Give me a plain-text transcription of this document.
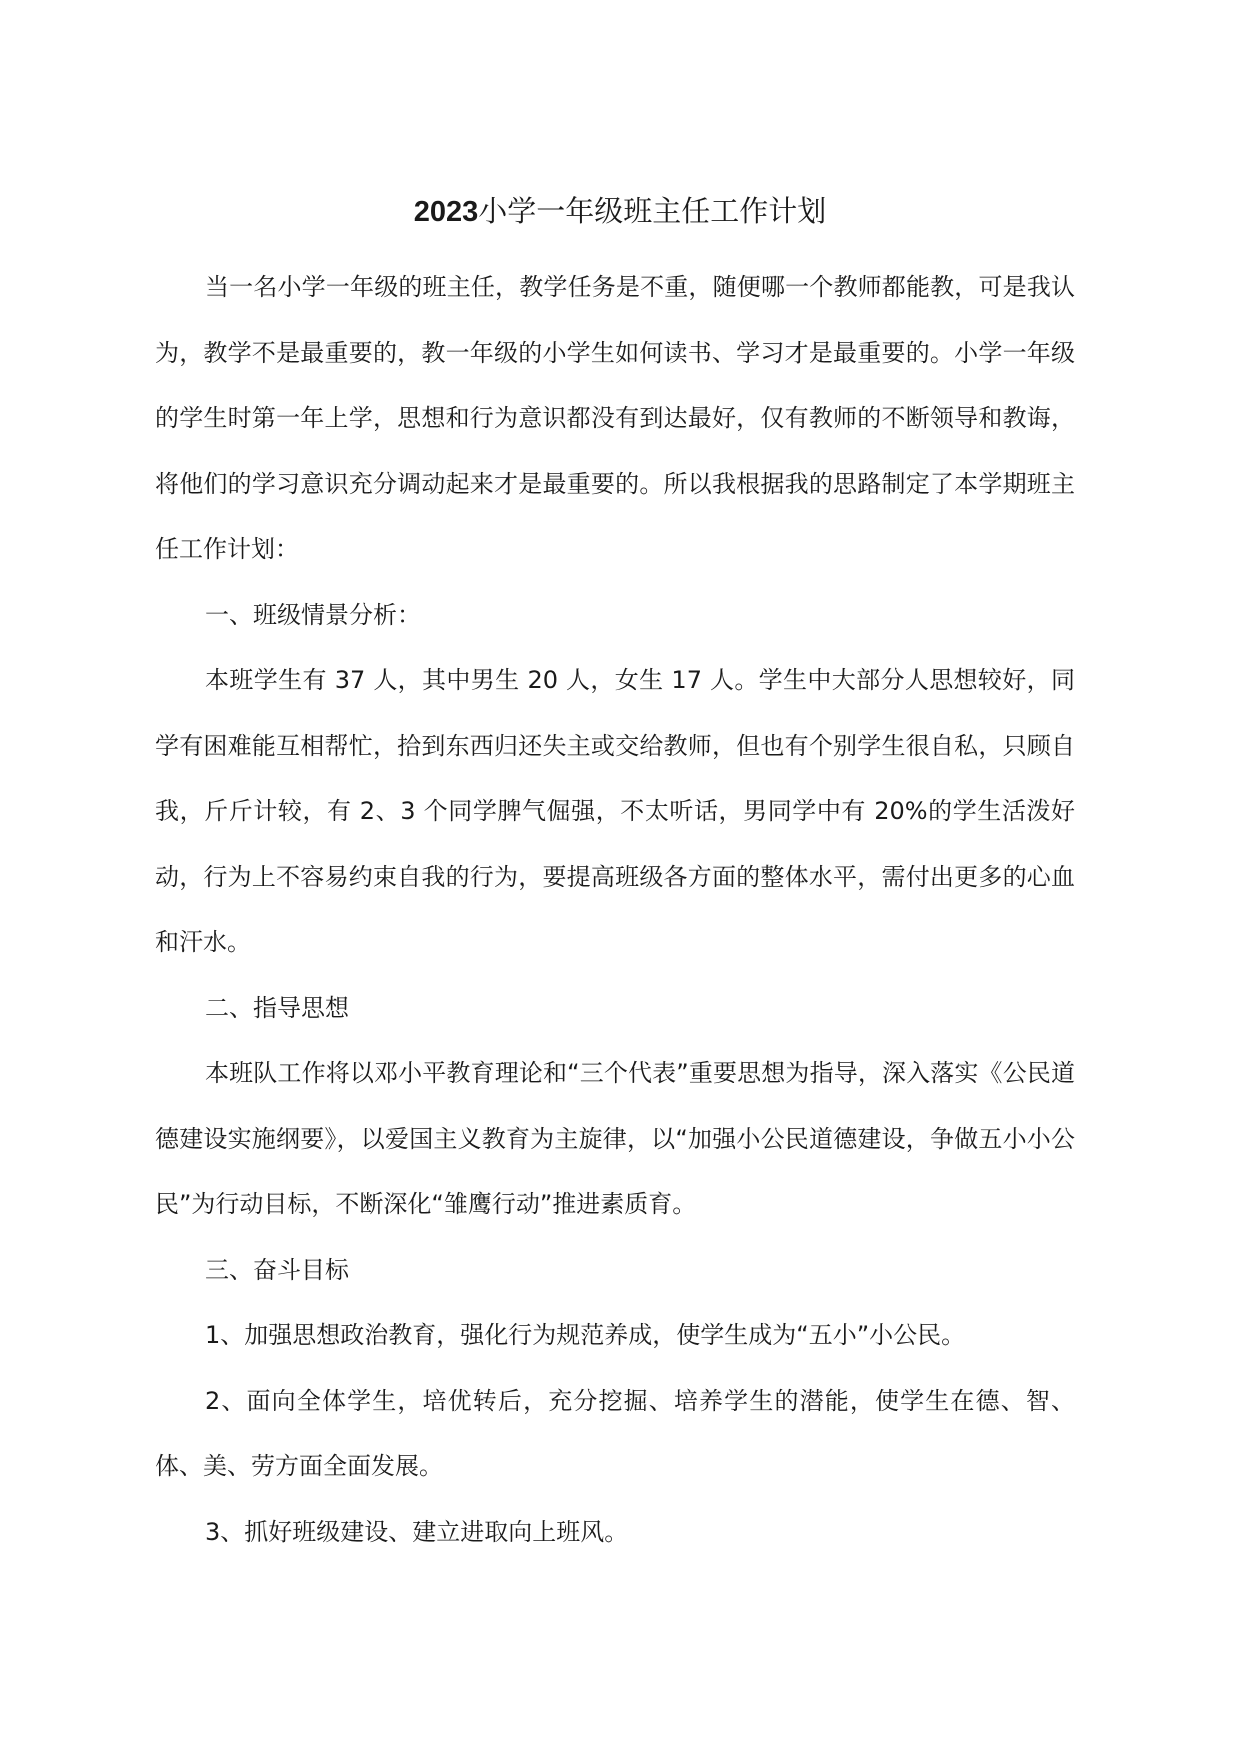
2023小学一年级班主任工作计划

当一名小学一年级的班主任，教学任务是不重，随便哪一个教师都能教，可是我认为，教学不是最重要的，教一年级的小学生如何读书、学习才是最重要的。小学一年级的学生时第一年上学，思想和行为意识都没有到达最好，仅有教师的不断领导和教诲，将他们的学习意识充分调动起来才是最重要的。所以我根据我的思路制定了本学期班主任工作计划：

一、班级情景分析：

本班学生有 37 人，其中男生 20 人，女生 17 人。学生中大部分人思想较好，同学有困难能互相帮忙，拾到东西归还失主或交给教师，但也有个别学生很自私，只顾自我，斤斤计较，有 2、3 个同学脾气倔强，不太听话，男同学中有 20%的学生活泼好动，行为上不容易约束自我的行为，要提高班级各方面的整体水平，需付出更多的心血和汗水。

二、指导思想

本班队工作将以邓小平教育理论和“三个代表”重要思想为指导，深入落实《公民道德建设实施纲要》，以爱国主义教育为主旋律，以“加强小公民道德建设，争做五小小公民”为行动目标，不断深化“雏鹰行动”推进素质育。

三、奋斗目标

1、加强思想政治教育，强化行为规范养成，使学生成为“五小”小公民。

2、面向全体学生，培优转后，充分挖掘、培养学生的潜能，使学生在德、智、体、美、劳方面全面发展。

3、抓好班级建设、建立进取向上班风。
